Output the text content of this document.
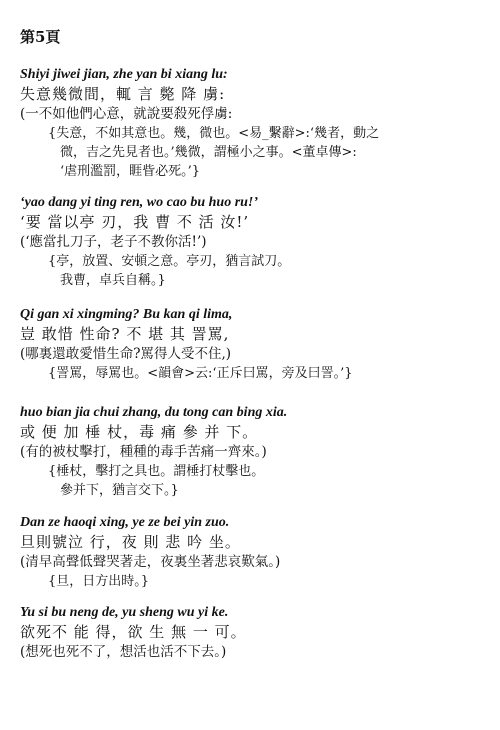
第5頁
Shiyi jiwei jian, zhe yan bi xiang lu:
失意幾微間，輒 言 斃 降 虜:
(一不如他們心意，就說要殺死俘虜:
{失意，不如其意也。幾，微也。<易_繫辭>:‘幾者，動之
微，吉之先見者也。’幾微，謂極小之事。<董卓傳>:
‘虐刑濫罰，睚眥必死。’}
‘yao dang yi ting ren, wo cao bu huo ru!’
‘要 當以亭 刃，我 曹 不 活 汝!’
(‘應當扎刀子，老子不教你活!’)
{亭，放置、安頓之意。亭刃，猶言試刀。
我曹，卓兵自稱。}
Qi gan xi xingming? Bu kan qi lima,
豈 敢惜 性命? 不 堪 其 詈罵,
(哪裏還敢愛惜生命?罵得人受不住,)
{詈罵，辱罵也。<韻會>云:‘正斥曰罵，旁及曰詈。’}
huo bian jia chui zhang, du tong can bing xia.
或 便 加 棰 杖，毒 痛 參 并 下。
(有的被杖擊打，種種的毒手苦痛一齊來。)
{棰杖，擊打之具也。謂棰打杖擊也。
參并下，猶言交下。}
Dan ze haoqi xing, ye ze bei yin zuo.
旦則號泣 行，夜 則 悲 吟 坐。
(清早高聲低聲哭著走，夜裏坐著悲哀歎氣。)
{旦，日方出時。}
Yu si bu neng de, yu sheng wu yi ke.
欲死不 能 得，欲 生 無 一 可。
(想死也死不了，想活也活不下去。)
